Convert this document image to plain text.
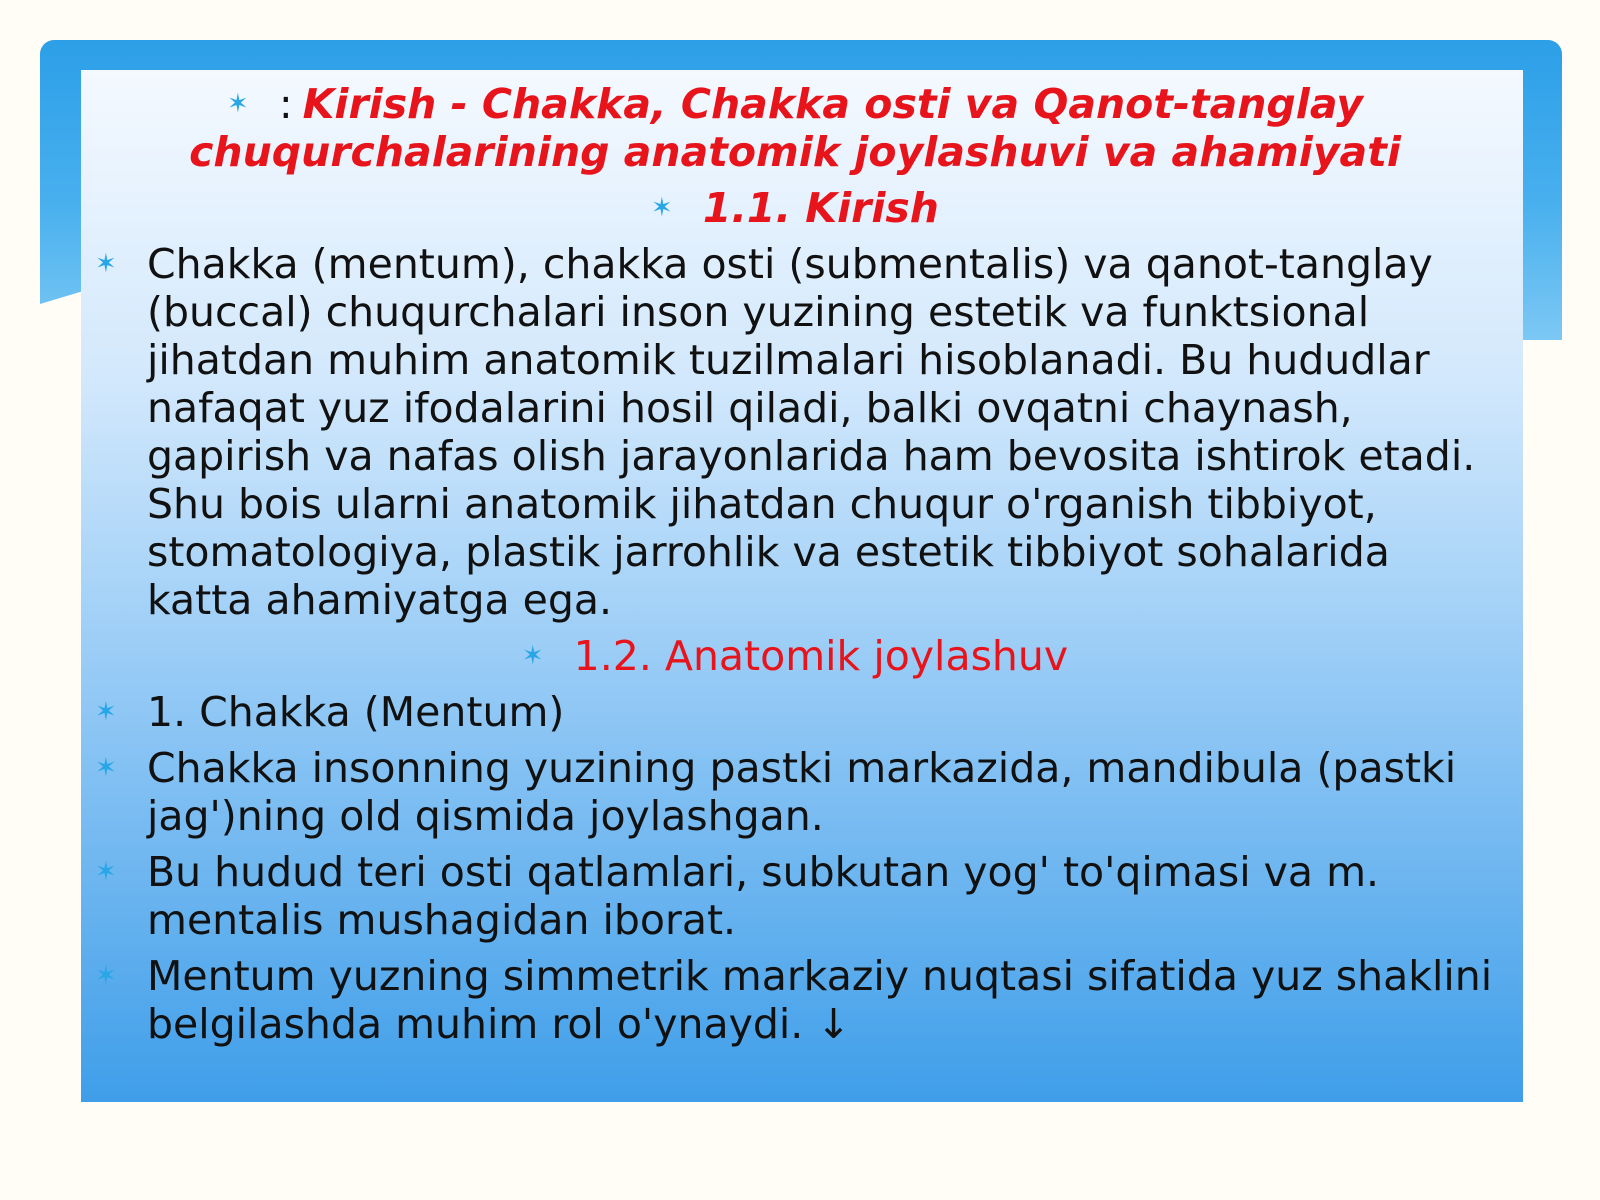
✶ : Kirish - Chakka, Chakka osti va Qanot-tanglay
chuqurchalarining anatomik joylashuvi va ahamiyati
✶ 1.1. Kirish
✶ Chakka (mentum), chakka osti (submentalis) va qanot-tanglay (buccal) chuqurchalari inson yuzining estetik va funktsional jihatdan muhim anatomik tuzilmalari hisoblanadi. Bu hududlar nafaqat yuz ifodalarini hosil qiladi, balki ovqatni chaynash, gapirish va nafas olish jarayonlarida ham bevosita ishtirok etadi. Shu bois ularni anatomik jihatdan chuqur o'rganish tibbiyot, stomatologiya, plastik jarrohlik va estetik tibbiyot sohalarida katta ahamiyatga ega.
✶ 1.2. Anatomik joylashuv
✶ 1. Chakka (Mentum)
✶ Chakka insonning yuzining pastki markazida, mandibula (pastki jag')ning old qismida joylashgan.
✶ Bu hudud teri osti qatlamlari, subkutan yog' to'qimasi va m. mentalis mushagidan iborat.
✶ Mentum yuzning simmetrik markaziy nuqtasi sifatida yuz shaklini belgilashda muhim rol o'ynaydi. ↓
